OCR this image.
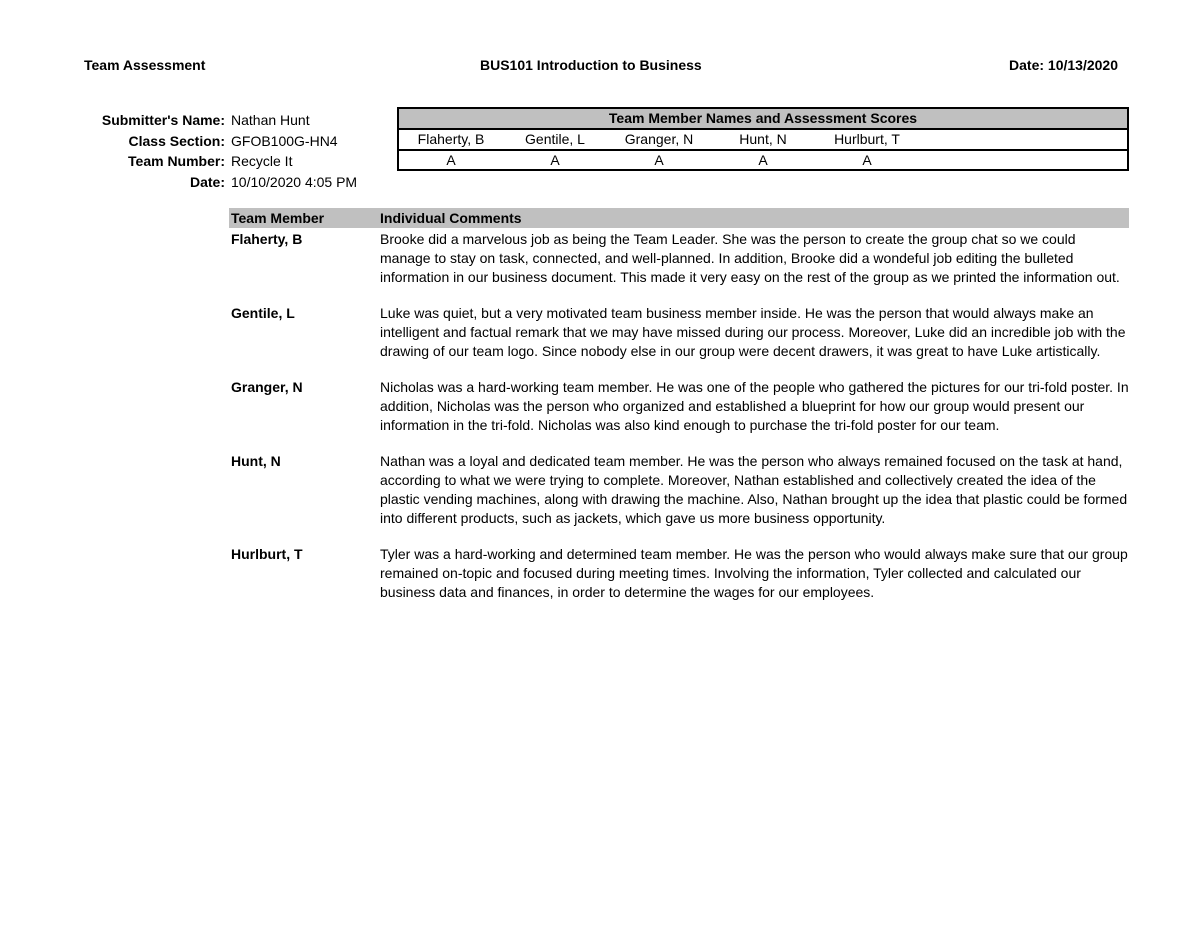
Team Assessment	BUS101 Introduction to Business	Date: 10/13/2020
Submitter's Name: Nathan Hunt
Class Section: GFOB100G-HN4
Team Number: Recycle It
Date: 10/10/2020 4:05 PM
Team Member Names and Assessment Scores
Flaherty, B	Gentile, L	Granger, N	Hunt, N	Hurlburt, T
A	A	A	A	A
Team Member	Individual Comments
Flaherty, B	Brooke did a marvelous job as being the Team Leader. She was the person to create the group chat so we could manage to stay on task, connected, and well-planned. In addition, Brooke did a wondeful job editing the bulleted information in our business document. This made it very easy on the rest of the group as we printed the information out.
Gentile, L	Luke was quiet, but a very motivated team business member inside. He was the person that would always make an intelligent and factual remark that we may have missed during our process. Moreover, Luke did an incredible job with the drawing of our team logo. Since nobody else in our group were decent drawers, it was great to have Luke artistically.
Granger, N	Nicholas was a hard-working team member. He was one of the people who gathered the pictures for our tri-fold poster. In addition, Nicholas was the person who organized and established a blueprint for how our group would present our information in the tri-fold. Nicholas was also kind enough to purchase the tri-fold poster for our team.
Hunt, N	Nathan was a loyal and dedicated team member. He was the person who always remained focused on the task at hand, according to what we were trying to complete. Moreover, Nathan established and collectively created the idea of the plastic vending machines, along with drawing the machine. Also, Nathan brought up the idea that plastic could be formed into different products, such as jackets, which gave us more business opportunity.
Hurlburt, T	Tyler was a hard-working and determined team member. He was the person who would always make sure that our group remained on-topic and focused during meeting times. Involving the information, Tyler collected and calculated our business data and finances, in order to determine the wages for our employees.
